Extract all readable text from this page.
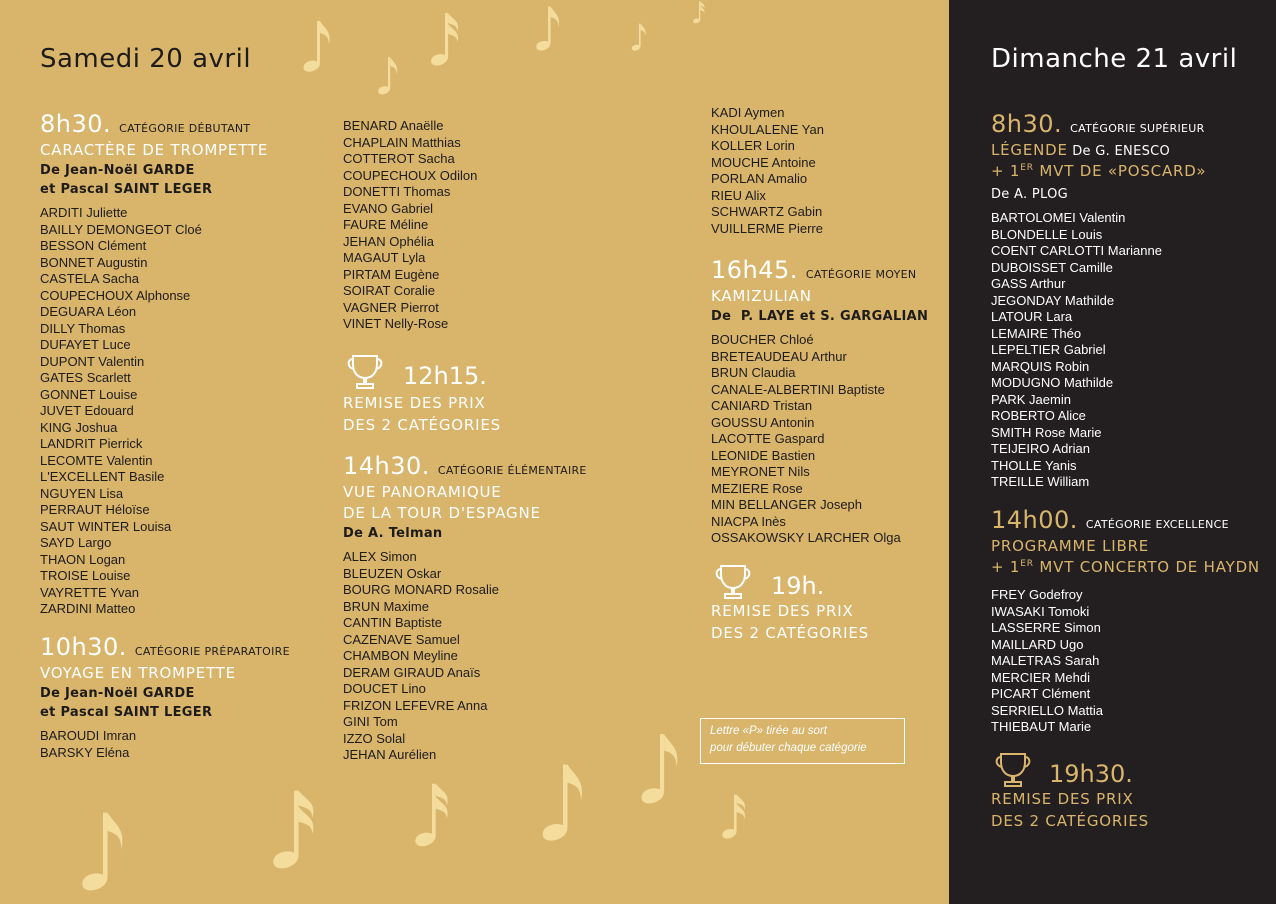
Samedi 20 avril
8h30. CATÉGORIE DÉBUTANT
CARACTÈRE DE TROMPETTE
De Jean-Noël GARDE
et Pascal SAINT LEGER
ARDITI Juliette
BAILLY DEMONGEOT Cloé
BESSON Clément
BONNET Augustin
CASTELA Sacha
COUPECHOUX Alphonse
DEGUARA Léon
DILLY Thomas
DUFAYET Luce
DUPONT Valentin
GATES Scarlett
GONNET Louise
JUVET Edouard
KING Joshua
LANDRIT Pierrick
LECOMTE Valentin
L'EXCELLENT Basile
NGUYEN Lisa
PERRAUT Héloïse
SAUT WINTER Louisa
SAYD Largo
THAON Logan
TROISE Louise
VAYRETTE Yvan
ZARDINI Matteo
10h30. CATÉGORIE PRÉPARATOIRE
VOYAGE EN TROMPETTE
De Jean-Noël GARDE
et Pascal SAINT LEGER
BAROUDI Imran
BARSKY Eléna
BENARD Anaëlle
CHAPLAIN Matthias
COTTEROT Sacha
COUPECHOUX Odilon
DONETTI Thomas
EVANO Gabriel
FAURE Méline
JEHAN Ophélia
MAGAUT Lyla
PIRTAM Eugène
SOIRAT Coralie
VAGNER Pierrot
VINET Nelly-Rose
12h15.
REMISE DES PRIX
DES 2 CATÉGORIES
14h30. CATÉGORIE ÉLÉMENTAIRE
VUE PANORAMIQUE
DE LA TOUR D'ESPAGNE
De A. Telman
ALEX Simon
BLEUZEN Oskar
BOURG MONARD Rosalie
BRUN Maxime
CANTIN Baptiste
CAZENAVE Samuel
CHAMBON Meyline
DERAM GIRAUD Anaïs
DOUCET Lino
FRIZON LEFEVRE Anna
GINI Tom
IZZO Solal
JEHAN Aurélien
KADI Aymen
KHOULALENE Yan
KOLLER Lorin
MOUCHE Antoine
PORLAN Amalio
RIEU Alix
SCHWARTZ Gabin
VUILLERME Pierre
16h45. CATÉGORIE MOYEN
KAMIZULIAN
De  P. LAYE et S. GARGALIAN
BOUCHER Chloé
BRETEAUDEAU Arthur
BRUN Claudia
CANALE-ALBERTINI Baptiste
CANIARD Tristan
GOUSSU Antonin
LACOTTE Gaspard
LEONIDE Bastien
MEYRONET Nils
MEZIERE Rose
MIN BELLANGER Joseph
NIACPA Inès
OSSAKOWSKY LARCHER Olga
19h.
REMISE DES PRIX
DES 2 CATÉGORIES
Lettre «P» tirée au sort
pour débuter chaque catégorie
Dimanche 21 avril
8h30. CATÉGORIE SUPÉRIEUR
LÉGENDE De G. ENESCO
+ 1ER MVT DE «POSCARD»
De A. PLOG
BARTOLOMEI Valentin
BLONDELLE Louis
COENT CARLOTTI Marianne
DUBOISSET Camille
GASS Arthur
JEGONDAY Mathilde
LATOUR Lara
LEMAIRE Théo
LEPELTIER Gabriel
MARQUIS Robin
MODUGNO Mathilde
PARK Jaemin
ROBERTO Alice
SMITH Rose Marie
TEIJEIRO Adrian
THOLLE Yanis
TREILLE William
14h00. CATÉGORIE EXCELLENCE
PROGRAMME LIBRE
+ 1ER MVT CONCERTO DE HAYDN
FREY Godefroy
IWASAKI Tomoki
LASSERRE Simon
MAILLARD Ugo
MALETRAS Sarah
MERCIER Mehdi
PICART Clément
SERRIELLO Mattia
THIEBAUT Marie
19h30.
REMISE DES PRIX
DES 2 CATÉGORIES
